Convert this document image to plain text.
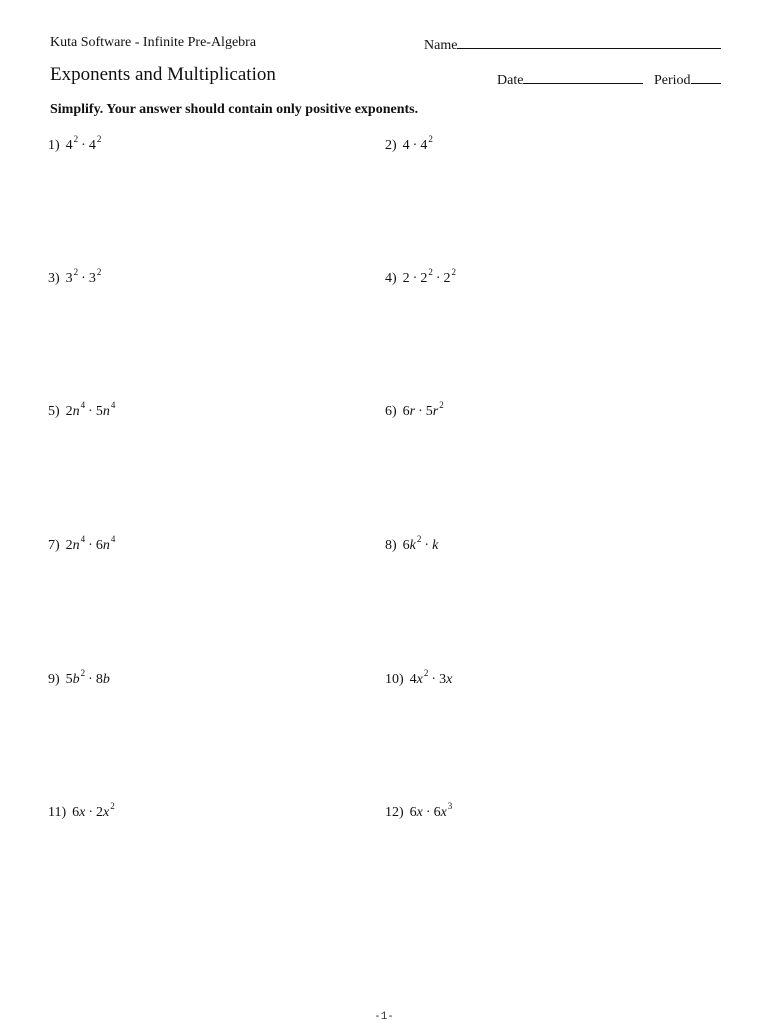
Kuta Software - Infinite Pre-Algebra	Name
Exponents and Multiplication	Date	Period
Simplify. Your answer should contain only positive exponents.
1) $4^2 \cdot 4^2$	2) $4 \cdot 4^2$
3) $3^2 \cdot 3^2$	4) $2 \cdot 2^2 \cdot 2^2$
5) $2n^4 \cdot 5n^4$	6) $6r \cdot 5r^2$
7) $2n^4 \cdot 6n^4$	8) $6k^2 \cdot k$
9) $5b^2 \cdot 8b$	10) $4x^2 \cdot 3x$
11) $6x \cdot 2x^2$	12) $6x \cdot 6x^3$
-1-
